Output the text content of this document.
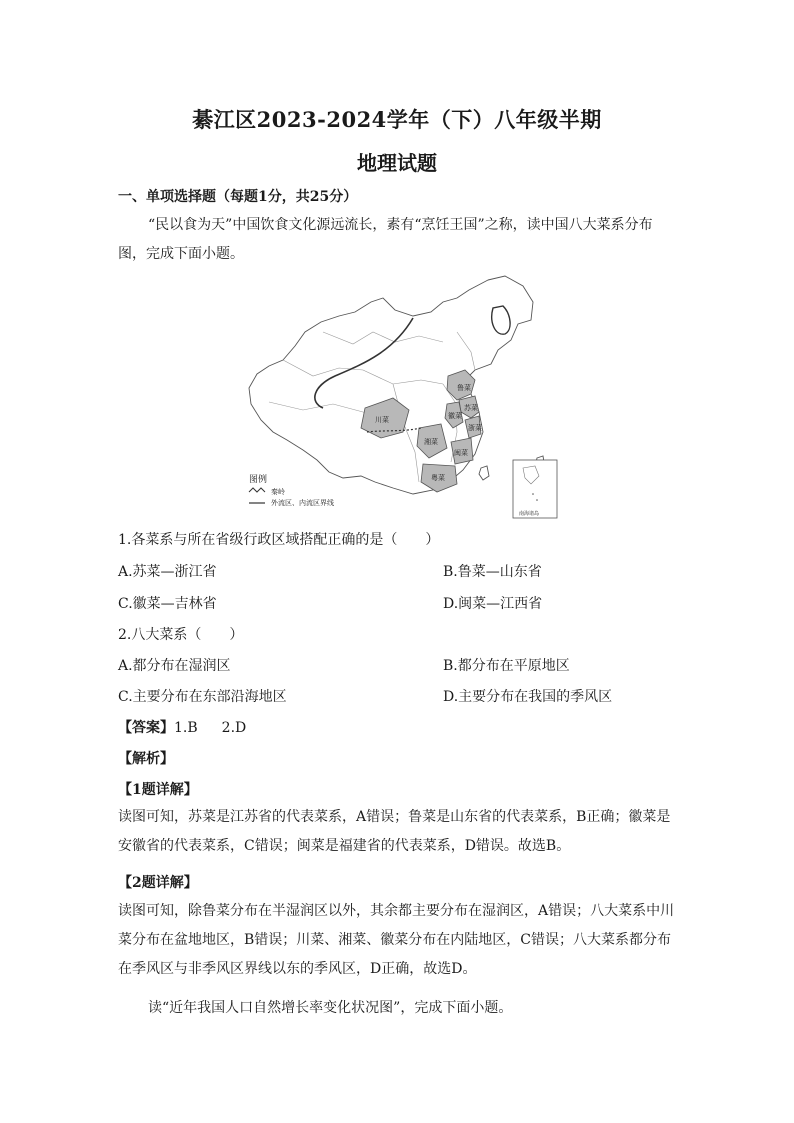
綦江区2023-2024学年（下）八年级半期
地理试题
一、单项选择题（每题1分，共25分）
“民以食为天”中国饮食文化源远流长，素有“烹饪王国”之称，读中国八大菜系分布图，完成下面小题。
鲁菜
苏菜
徽菜
浙菜
川菜
湘菜
闽菜
粤菜
图例
秦岭
外流区、内流区界线
南海诸岛
1.各菜系与所在省级行政区域搭配正确的是（　　）
A.苏菜—浙江省	B.鲁菜—山东省
C.徽菜—吉林省	D.闽菜—江西省
2.八大菜系（　　）
A.都分布在湿润区	B.都分布在平原地区
C.主要分布在东部沿海地区	D.主要分布在我国的季风区
【答案】1.B 2.D
【解析】
【1题详解】
读图可知，苏菜是江苏省的代表菜系，A错误；鲁菜是山东省的代表菜系，B正确；徽菜是安徽省的代表菜系，C错误；闽菜是福建省的代表菜系，D错误。故选B。
【2题详解】
读图可知，除鲁菜分布在半湿润区以外，其余都主要分布在湿润区，A错误；八大菜系中川菜分布在盆地地区，B错误；川菜、湘菜、徽菜分布在内陆地区，C错误；八大菜系都分布在季风区与非季风区界线以东的季风区，D正确，故选D。
读“近年我国人口自然增长率变化状况图”，完成下面小题。
